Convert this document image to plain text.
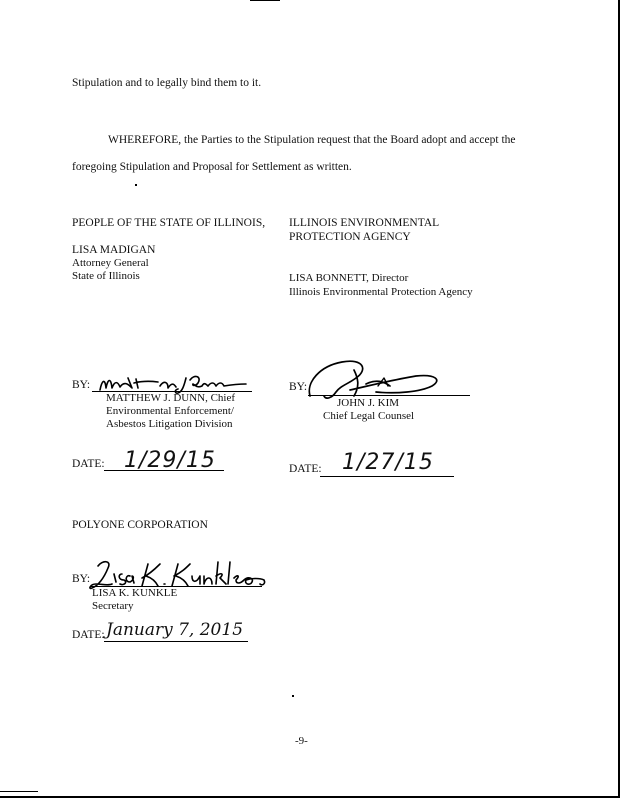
Stipulation and to legally bind them to it.
WHEREFORE, the Parties to the Stipulation request that the Board adopt and accept the
foregoing Stipulation and Proposal for Settlement as written.
PEOPLE OF THE STATE OF ILLINOIS,
LISA MADIGAN
Attorney General
State of Illinois
ILLINOIS ENVIRONMENTAL
PROTECTION AGENCY
LISA BONNETT, Director
Illinois Environmental Protection Agency
BY:
MATTHEW J. DUNN, Chief
Environmental Enforcement/
Asbestos Litigation Division
BY:
JOHN J. KIM
Chief Legal Counsel
DATE: 1/29/15	DATE: 1/27/15
POLYONE CORPORATION
BY:
LISA K. KUNKLE
Secretary
DATE: January 7, 2015
-9-
